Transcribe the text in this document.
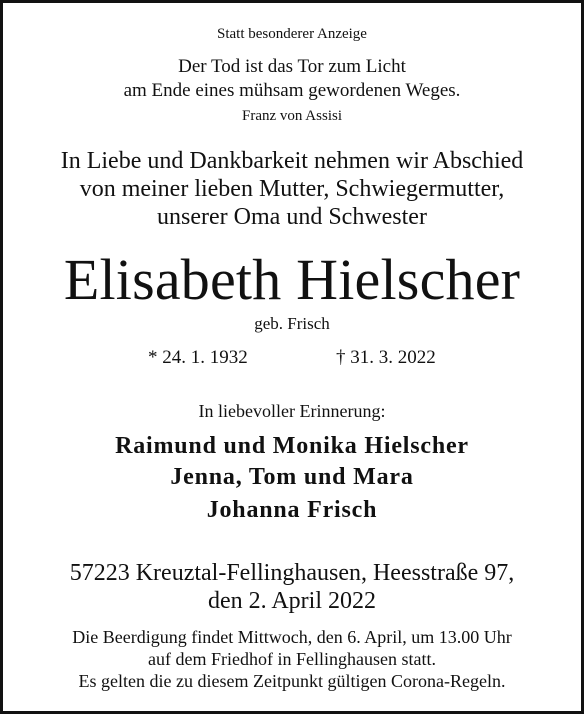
Statt besonderer Anzeige
Der Tod ist das Tor zum Licht
am Ende eines mühsam gewordenen Weges.
Franz von Assisi
In Liebe und Dankbarkeit nehmen wir Abschied
von meiner lieben Mutter, Schwiegermutter,
unserer Oma und Schwester
Elisabeth Hielscher
geb. Frisch
* 24. 1. 1932	† 31. 3. 2022
In liebevoller Erinnerung:
Raimund und Monika Hielscher
Jenna, Tom und Mara
Johanna Frisch
57223 Kreuztal-Fellinghausen, Heesstraße 97,
den 2. April 2022
Die Beerdigung findet Mittwoch, den 6. April, um 13.00 Uhr
auf dem Friedhof in Fellinghausen statt.
Es gelten die zu diesem Zeitpunkt gültigen Corona-Regeln.
